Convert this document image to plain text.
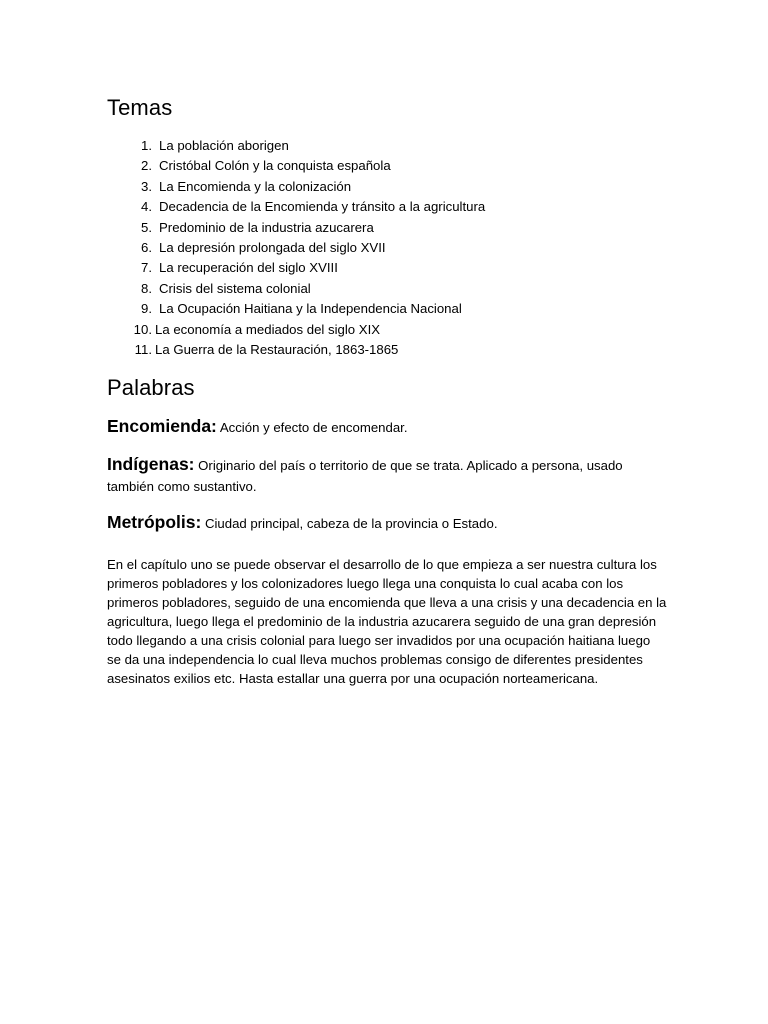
Temas
1. La población aborigen
2. Cristóbal Colón y la conquista española
3. La Encomienda y la colonización
4. Decadencia de la Encomienda y tránsito a la agricultura
5. Predominio de la industria azucarera
6. La depresión prolongada del siglo XVII
7. La recuperación del siglo XVIII
8. Crisis del sistema colonial
9. La Ocupación Haitiana y la Independencia Nacional
10. La economía a mediados del siglo XIX
11. La Guerra de la Restauración, 1863-1865
Palabras

Encomienda: Acción y efecto de encomendar.

Indígenas: Originario del país o territorio de que se trata. Aplicado a persona, usado también como sustantivo.

Metrópolis: Ciudad principal, cabeza de la provincia o Estado.

En el capítulo uno se puede observar el desarrollo de lo que empieza a ser nuestra cultura los primeros pobladores y los colonizadores luego llega una conquista lo cual acaba con los primeros pobladores, seguido de una encomienda que lleva a una crisis y una decadencia en la agricultura, luego llega el predominio de la industria azucarera seguido de una gran depresión todo llegando a una crisis colonial para luego ser invadidos por una ocupación haitiana luego se da una independencia lo cual lleva muchos problemas consigo de diferentes presidentes asesinatos exilios etc. Hasta estallar una guerra por una ocupación norteamericana.
